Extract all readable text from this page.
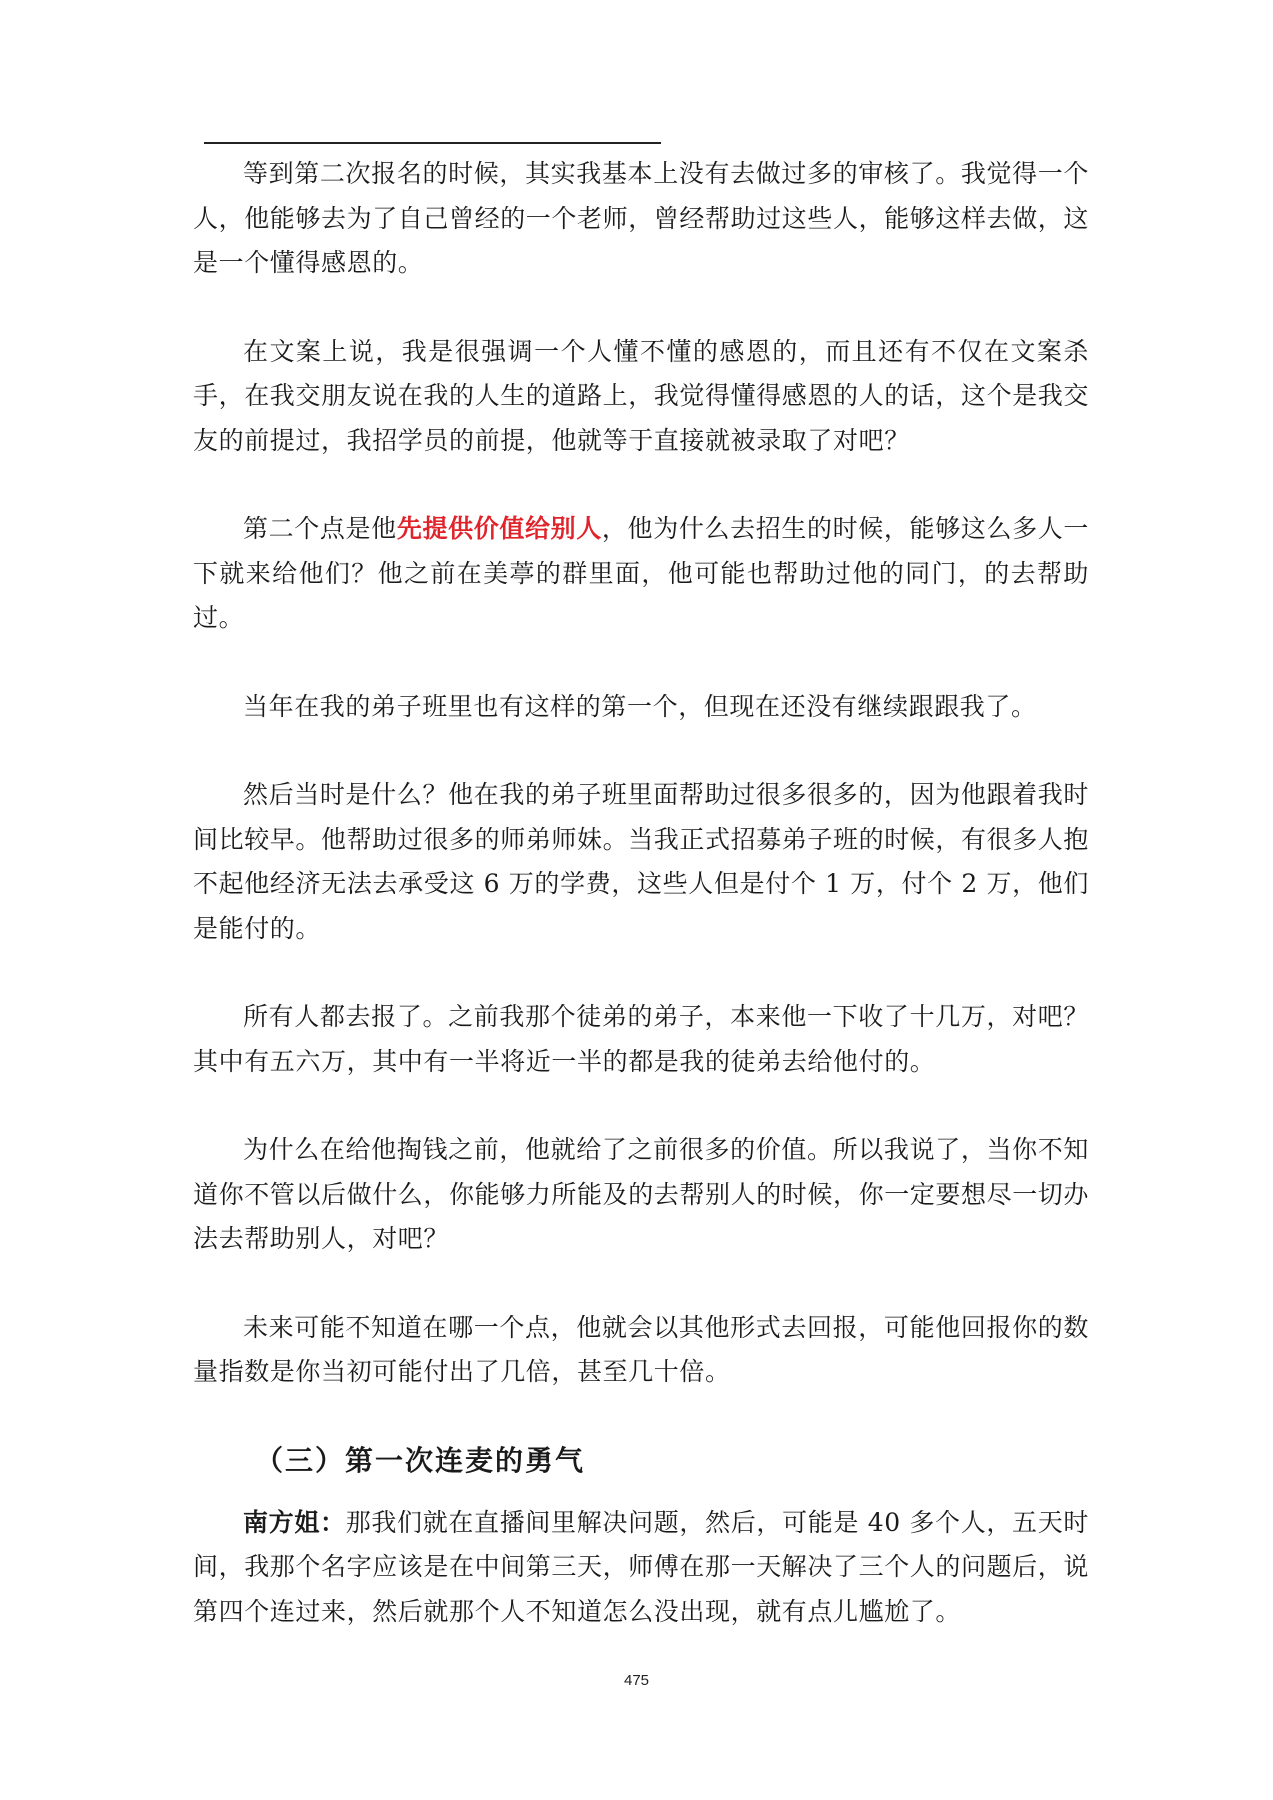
等到第二次报名的时候，其实我基本上没有去做过多的审核了。我觉得一个人，他能够去为了自己曾经的一个老师，曾经帮助过这些人，能够这样去做，这是一个懂得感恩的。

在文案上说，我是很强调一个人懂不懂的感恩的，而且还有不仅在文案杀手，在我交朋友说在我的人生的道路上，我觉得懂得感恩的人的话，这个是我交友的前提过，我招学员的前提，他就等于直接就被录取了对吧？

第二个点是他先提供价值给别人，他为什么去招生的时候，能够这么多人一下就来给他们？他之前在美葶的群里面，他可能也帮助过他的同门，的去帮助过。

当年在我的弟子班里也有这样的第一个，但现在还没有继续跟跟我了。

然后当时是什么？他在我的弟子班里面帮助过很多很多的，因为他跟着我时间比较早。他帮助过很多的师弟师妹。当我正式招募弟子班的时候，有很多人抱不起他经济无法去承受这 6 万的学费，这些人但是付个 1 万，付个 2 万，他们是能付的。

所有人都去报了。之前我那个徒弟的弟子，本来他一下收了十几万，对吧？其中有五六万，其中有一半将近一半的都是我的徒弟去给他付的。

为什么在给他掏钱之前，他就给了之前很多的价值。所以我说了，当你不知道你不管以后做什么，你能够力所能及的去帮别人的时候，你一定要想尽一切办法去帮助别人，对吧？

未来可能不知道在哪一个点，他就会以其他形式去回报，可能他回报你的数量指数是你当初可能付出了几倍，甚至几十倍。

（三）第一次连麦的勇气

南方姐：那我们就在直播间里解决问题，然后，可能是 40 多个人，五天时间，我那个名字应该是在中间第三天，师傅在那一天解决了三个人的问题后，说第四个连过来，然后就那个人不知道怎么没出现，就有点儿尴尬了。

475
